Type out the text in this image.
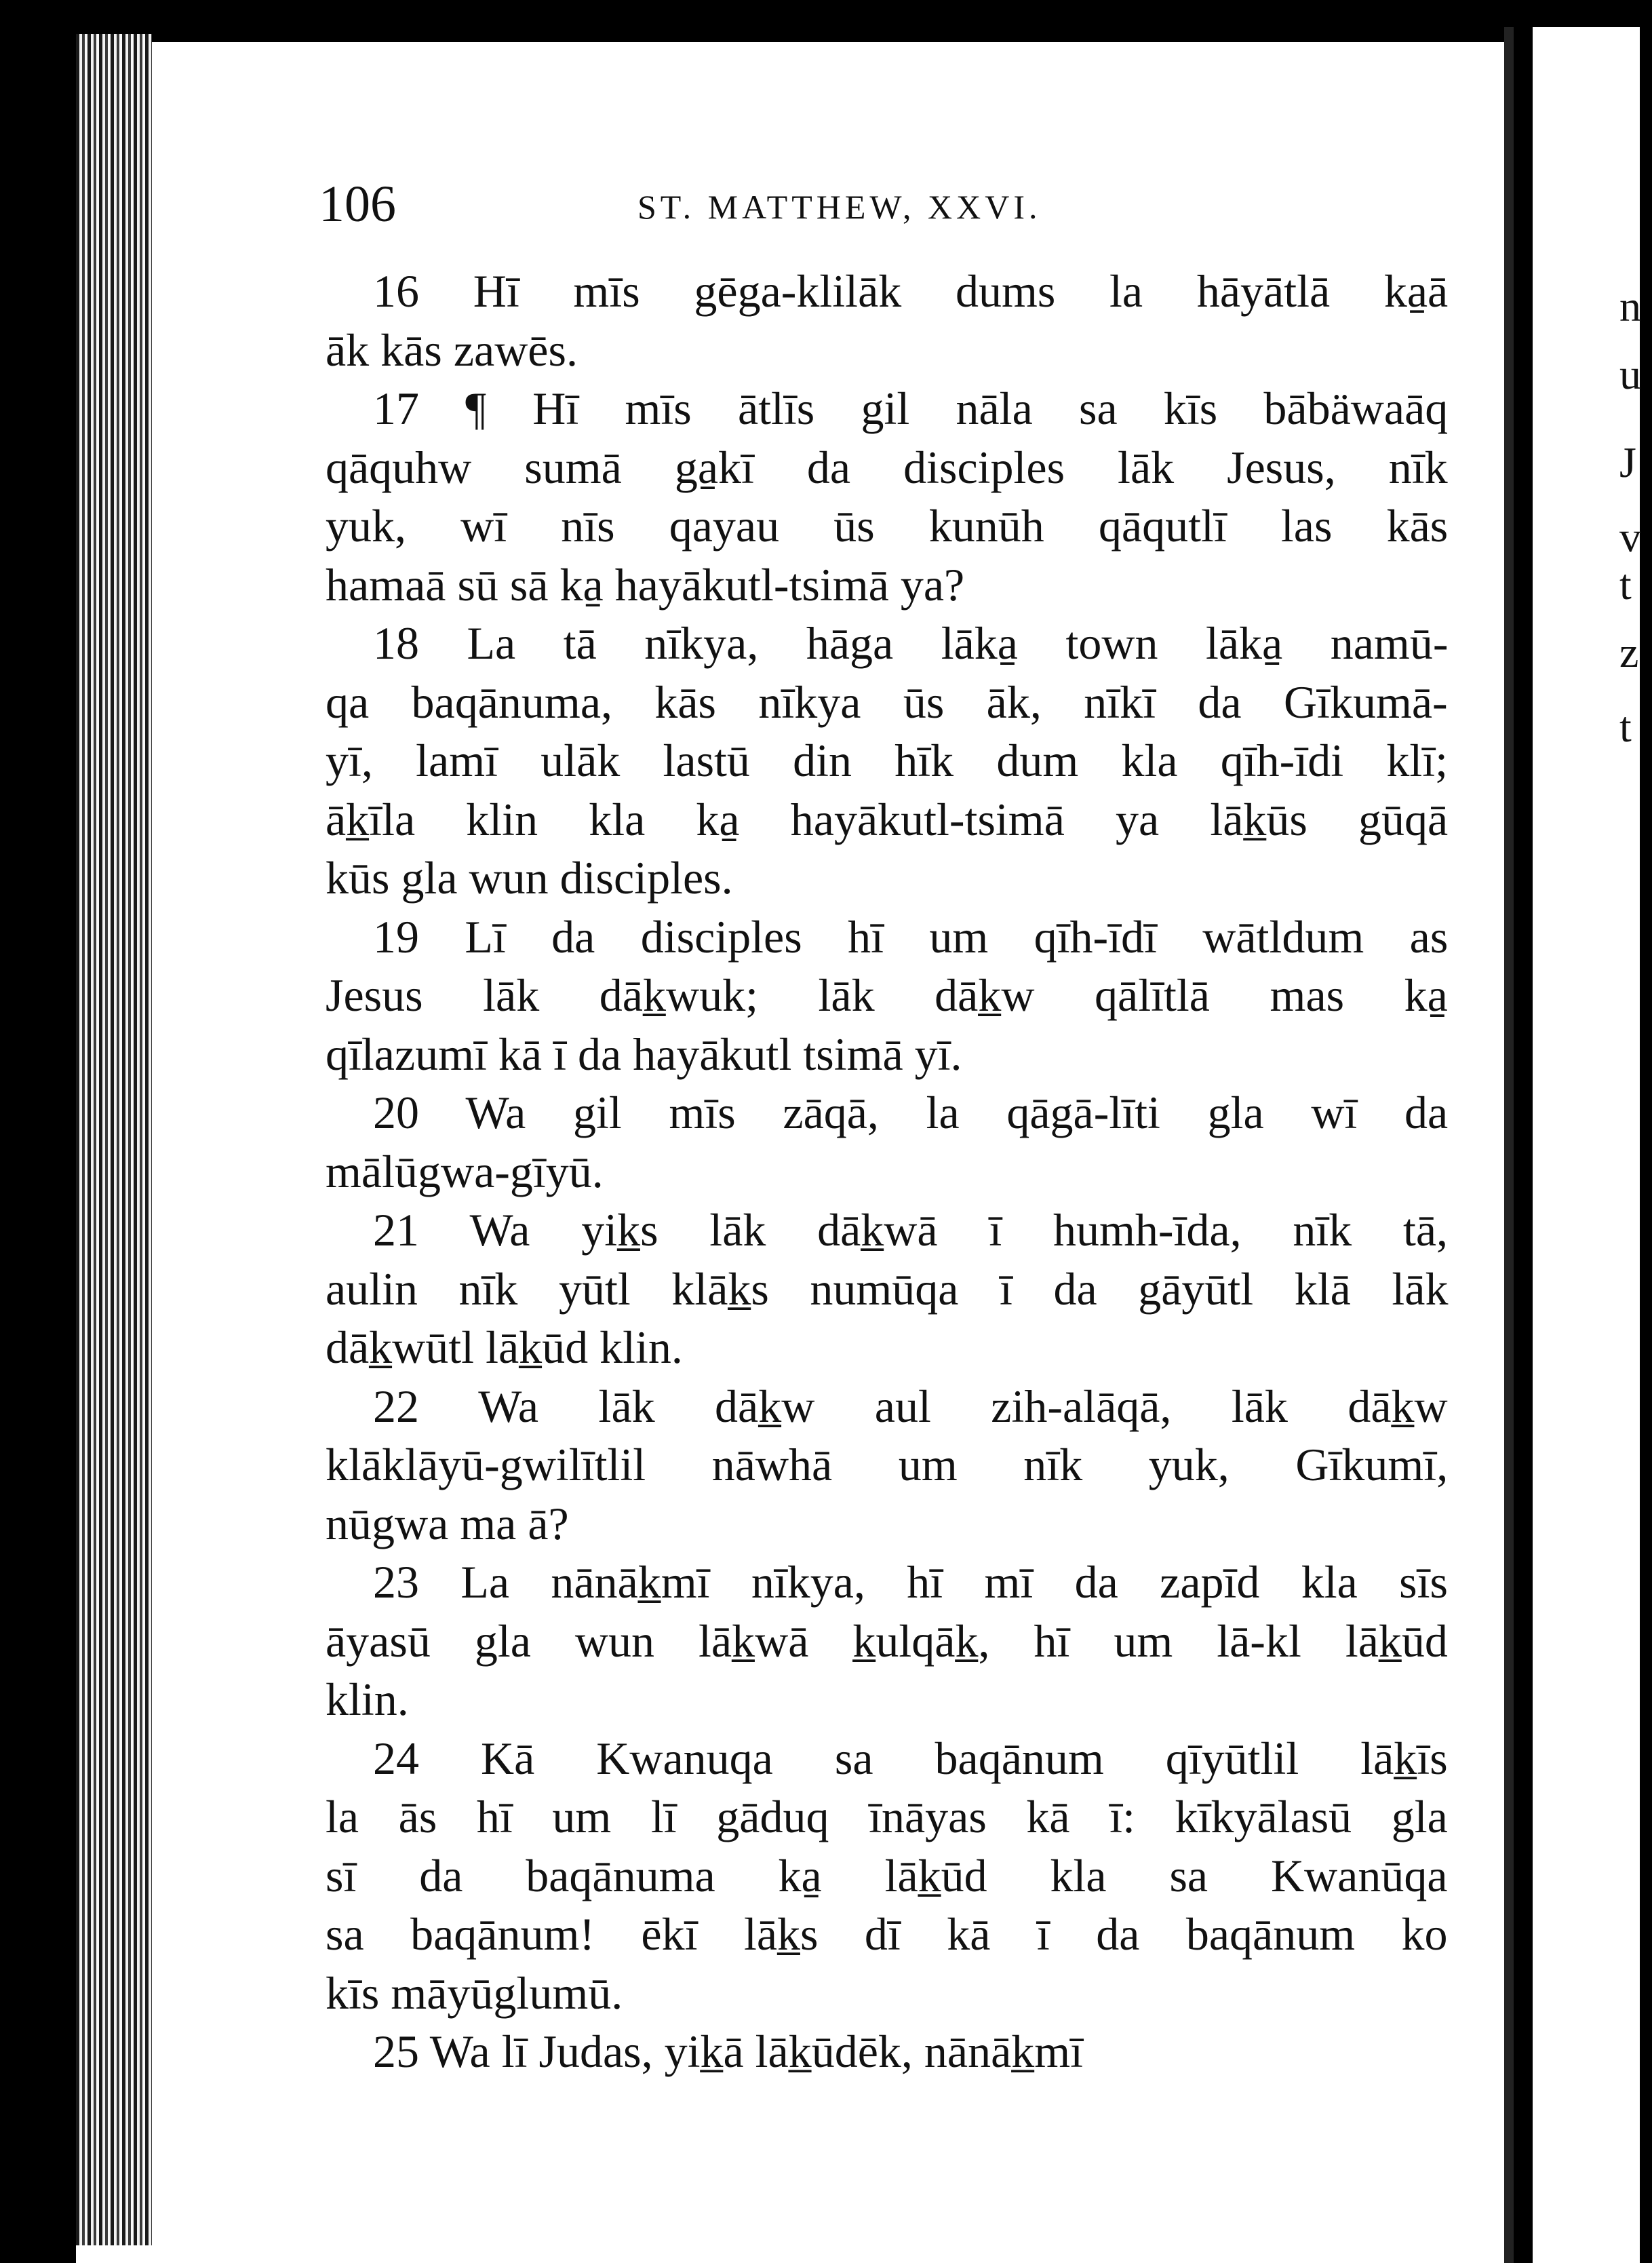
n
u
J
v
t
z
t
106	ST. MATTHEW, XXVI.
16 Hī mīs gēga-klilāk dums la hāyātlā ka̱ā
āk kās zawēs.
17 ¶ Hī mīs ātlīs gil nāla sa kīs bābäwaāq
qāquhw sumā ga̱kī da disciples lāk Jesus, nīk
yuk, wī nīs qayau ūs kunūh qāqutlī las kās
hamaā sū sā ka̱ hayākutl-tsimā ya?
18 La tā nīkya, hāga lāka̱ town lāka̱ namū-
qa baqānuma, kās nīkya ūs āk, nīkī da Gīkumā-
yī, lamī ulāk lastū din hīk dum kla qīh-īdi klī;
āk̲īla klin kla ka̱ hayākutl-tsimā ya lāk̲ūs gūqā
kūs gla wun disciples.
19 Lī da disciples hī um qīh-īdī wātldum as
Jesus lāk dāk̲wuk; lāk dāk̲w qālītlā mas ka̱
qīlazumī kā ī da hayākutl tsimā yī.
20 Wa gil mīs zāqā, la qāgā-līti gla wī da
mālūgwa-gīyū.
21 Wa yik̲s lāk dāk̲wā ī humh-īda, nīk tā,
aulin nīk yūtl klāk̲s numūqa ī da gāyūtl klā lāk
dāk̲wūtl lāk̲ūd klin.
22 Wa lāk dāk̲w aul zih-alāqā, lāk dāk̲w
klāklāyū-gwilītlil nāwhā um nīk yuk, Gīkumī,
nūgwa ma ā?
23 La nānāk̲mī nīkya, hī mī da zapīd kla sīs
āyasū gla wun lāk̲wā k̲ulqāk̲, hī um lā-kl lāk̲ūd
klin.
24 Kā Kwanuqa sa baqānum qīyūtlil lāk̲īs
la ās hī um lī gāduq īnāyas kā ī: kīkyālasū gla
sī da baqānuma ka̱ lāk̲ūd kla sa Kwanūqa
sa baqānum! ēkī lāk̲s dī kā ī da baqānum ko
kīs māyūglumū.
25 Wa lī Judas, yik̲ā lāk̲ūdēk, nānāk̲mī
